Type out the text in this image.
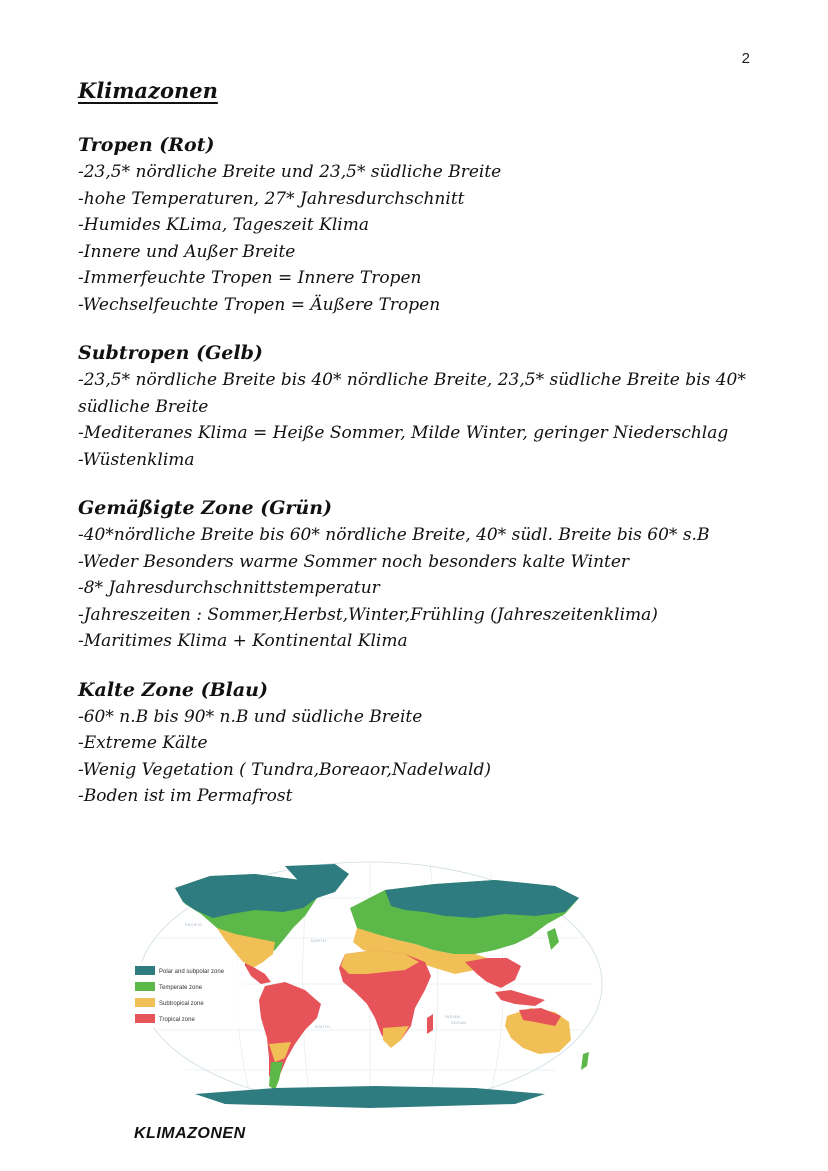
2
Klimazonen

Tropen (Rot)

-23,5* nördliche Breite und 23,5* südliche Breite

-hohe Temperaturen, 27* Jahresdurchschnitt

-Humides KLima, Tageszeit Klima

-Innere und Außer Breite

-Immerfeuchte Tropen = Innere Tropen

-Wechselfeuchte Tropen = Äußere Tropen

Subtropen (Gelb)

-23,5* nördliche Breite bis 40* nördliche Breite, 23,5* südliche Breite bis 40* südliche Breite

-Mediteranes Klima = Heiße Sommer, Milde Winter, geringer Niederschlag

-Wüstenklima

Gemäßigte Zone (Grün)

-40*nördliche Breite bis 60* nördliche Breite, 40* südl. Breite bis 60* s.B

-Weder Besonders warme Sommer noch besonders kalte Winter

-8* Jahresdurchschnittstemperatur

-Jahreszeiten : Sommer,Herbst,Winter,Frühling (Jahreszeitenklima)

-Maritimes Klima + Kontinental Klima

Kalte Zone (Blau)

-60* n.B bis 90* n.B und südliche Breite

-Extreme Kälte

-Wenig Vegetation ( Tundra,Boreaor,Nadelwald)

-Boden ist im Permafrost

PACIFIC
NORTH
SOUTH
INDIAN
OCEAN
Polar and subpolar zone
Temperate zone
Subtropical zone
Tropical zone
KLIMAZONEN
